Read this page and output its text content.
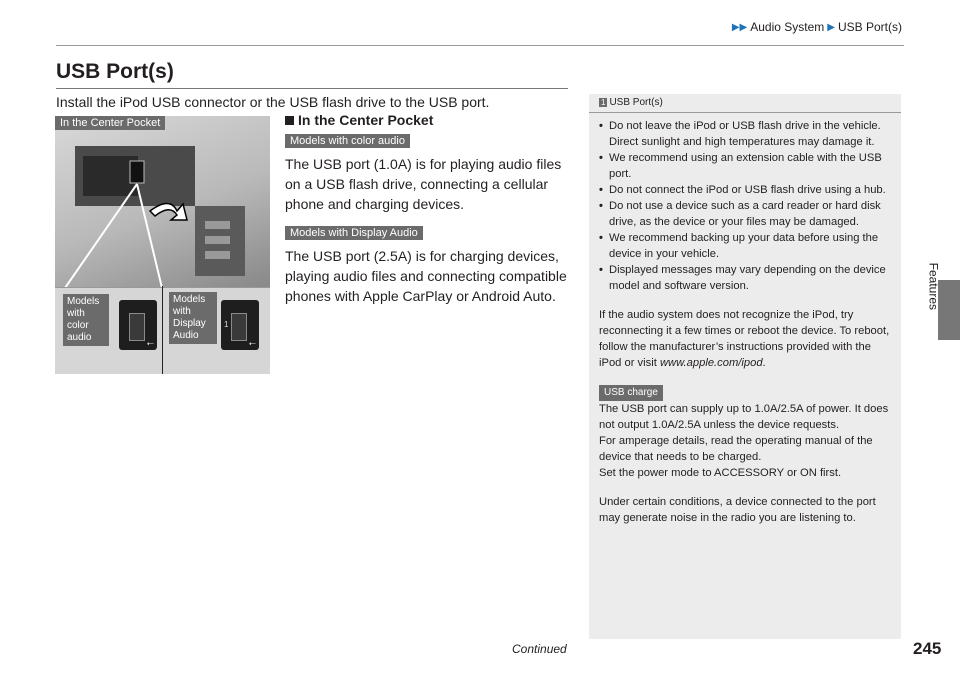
▶▶ Audio System ▶ USB Port(s)
USB Port(s)
Install the iPod USB connector or the USB flash drive to the USB port.
In the Center Pocket
Models with color audio	⭠
Models with Display Audio
1
⭠
In the Center Pocket
Models with color audio
The USB port (1.0A) is for playing audio files on a USB flash drive, connecting a cellular phone and charging devices.
Models with Display Audio
The USB port (2.5A) is for charging devices, playing audio files and connecting compatible phones with Apple CarPlay or Android Auto.
1 USB Port(s)
• Do not leave the iPod or USB flash drive in the vehicle. Direct sunlight and high temperatures may damage it.
• We recommend using an extension cable with the USB port.
• Do not connect the iPod or USB flash drive using a hub.
• Do not use a device such as a card reader or hard disk drive, as the device or your files may be damaged.
• We recommend backing up your data before using the device in your vehicle.
• Displayed messages may vary depending on the device model and software version.
If the audio system does not recognize the iPod, try reconnecting it a few times or reboot the device. To reboot, follow the manufacturer’s instructions provided with the iPod or visit www.apple.com/ipod.
USB charge
The USB port can supply up to 1.0A/2.5A of power. It does not output 1.0A/2.5A unless the device requests.
For amperage details, read the operating manual of the device that needs to be charged.
Set the power mode to ACCESSORY or ON first.
Under certain conditions, a device connected to the port may generate noise in the radio you are listening to.
Features
Continued	245
